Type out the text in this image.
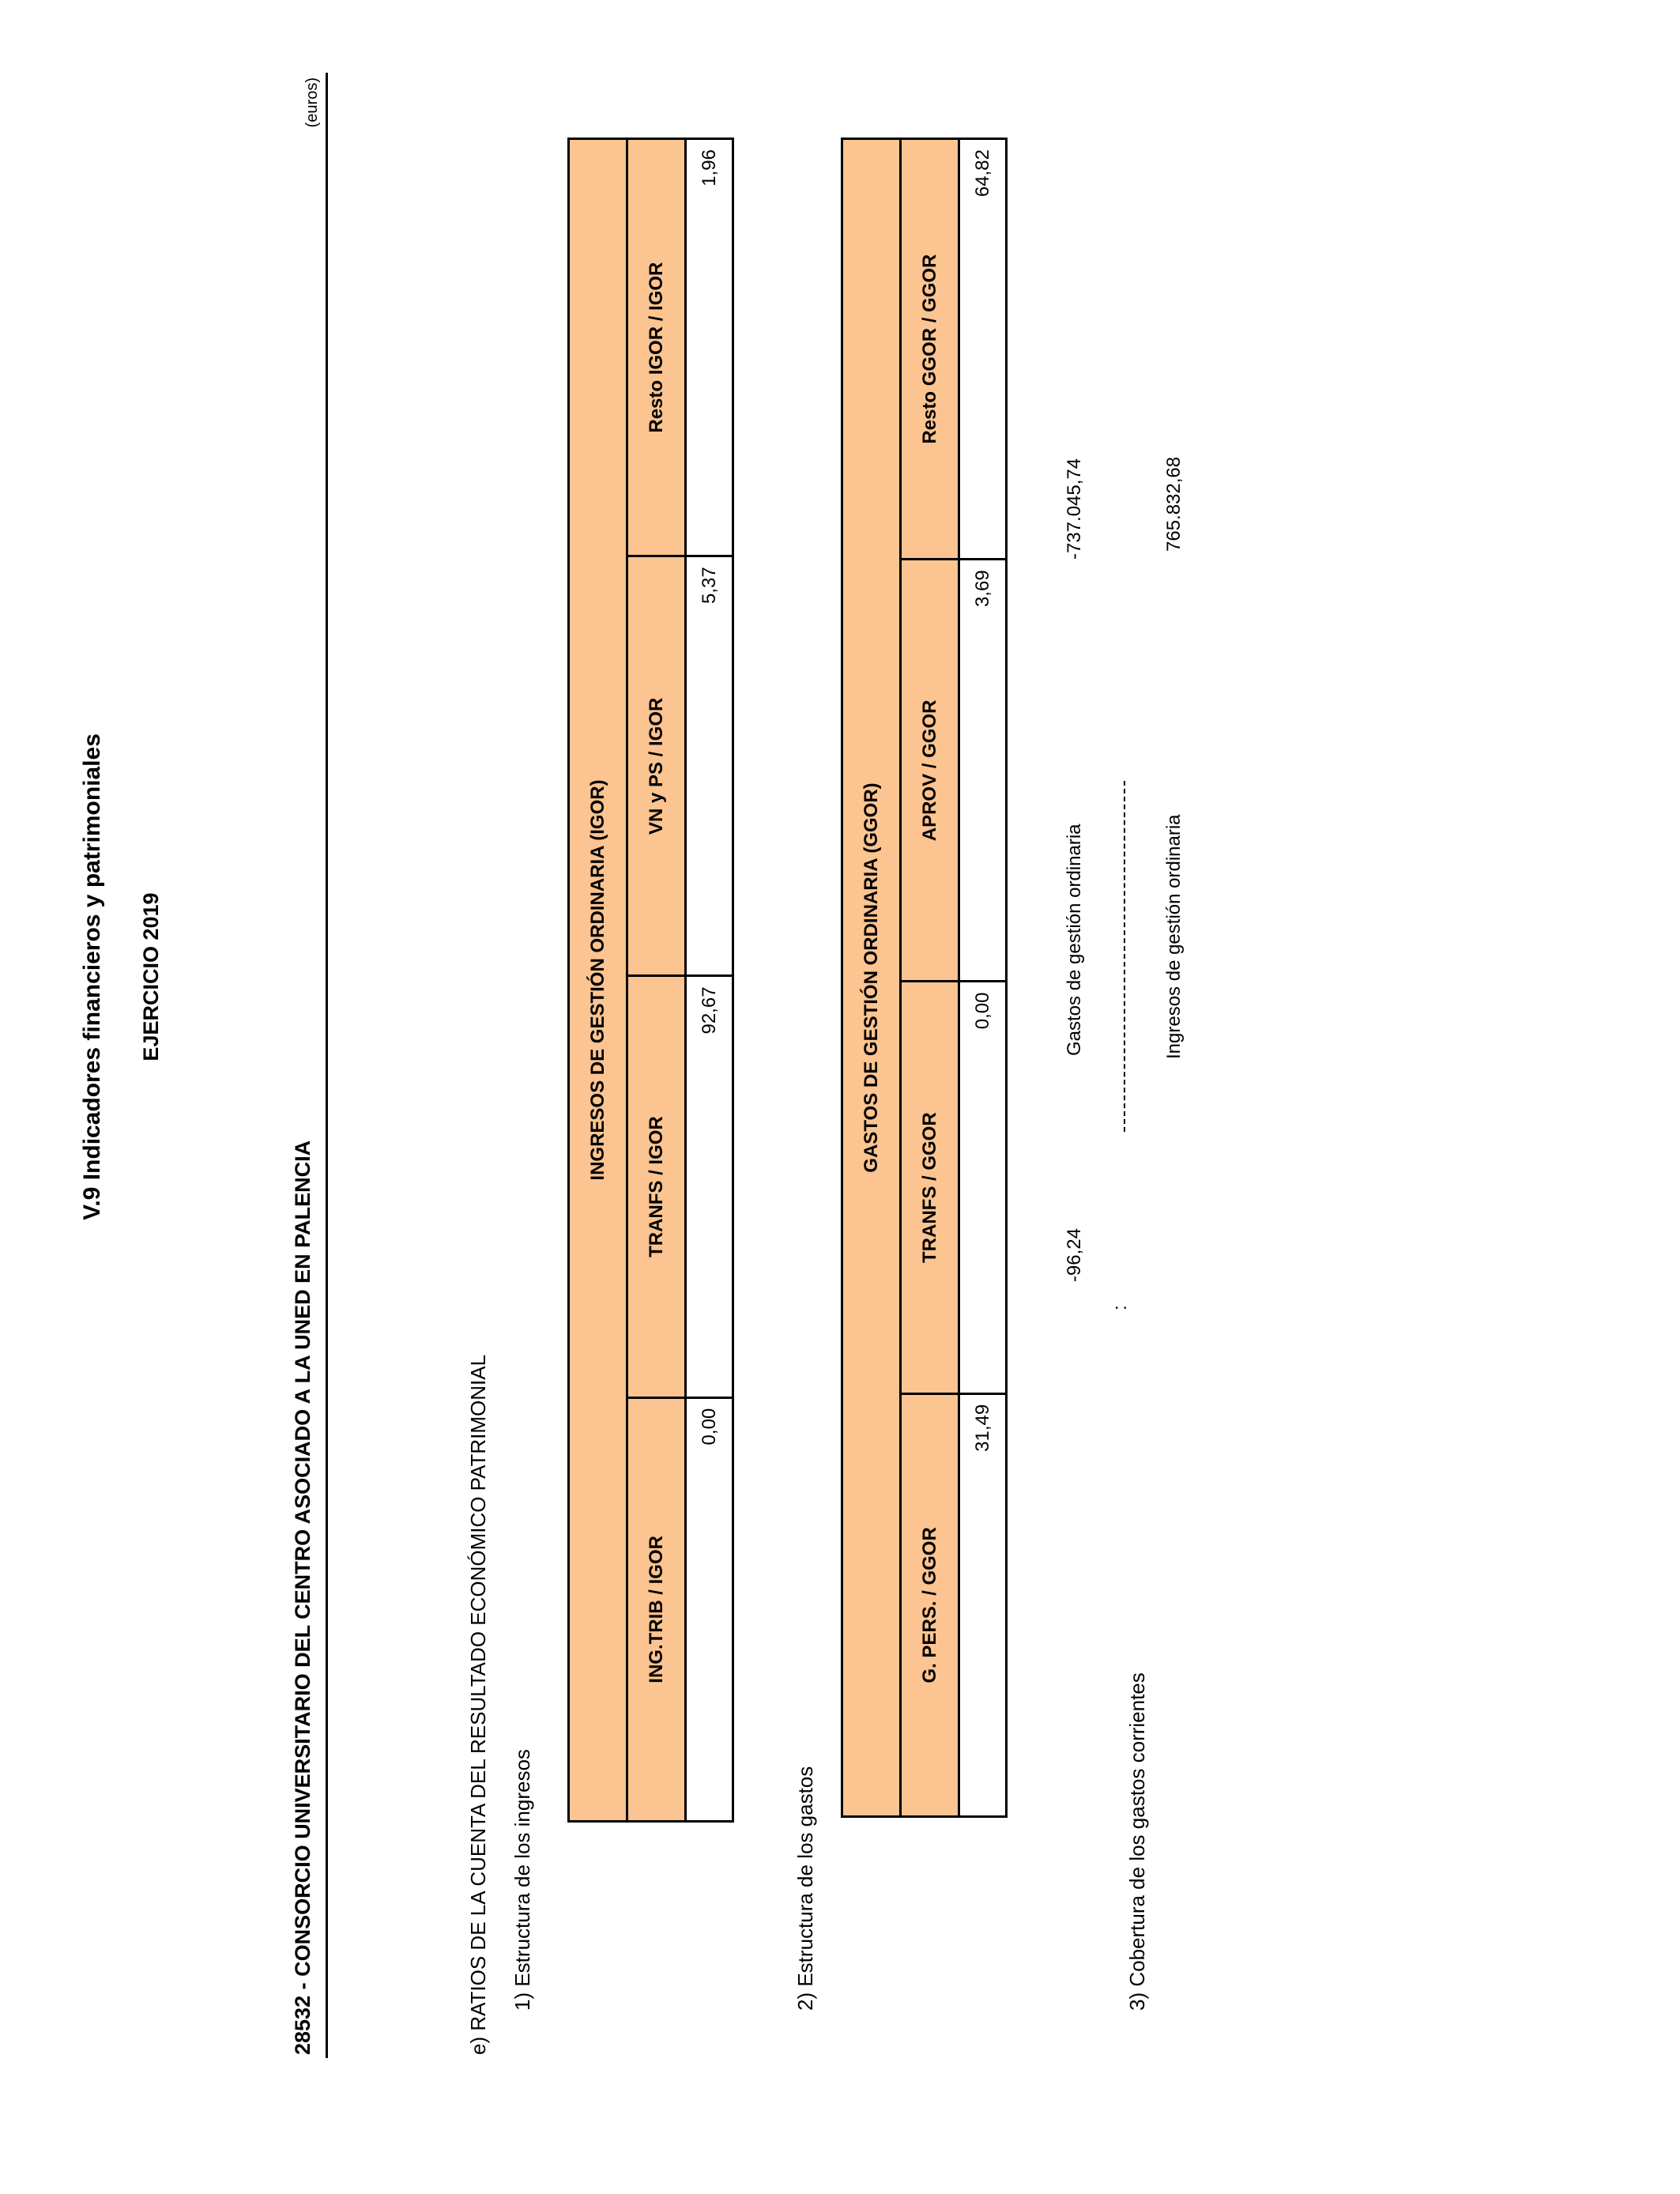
V.9 Indicadores financieros y patrimoniales EJERCICIO 2019
28532 - CONSORCIO UNIVERSITARIO DEL CENTRO ASOCIADO A LA UNED EN PALENCIA
(euros)
e) RATIOS DE LA CUENTA DEL RESULTADO ECONÓMICO PATRIMONIAL 1) Estructura de los ingresos
INGRESOS DE GESTIÓN ORDINARIA (IGOR)			
ING.TRIB / IGOR	TRANFS / IGOR	VN y PS / IGOR	Resto IGOR / IGOR
0,00	92,67	5,37	1,96
2) Estructura de los gastos
GASTOS DE GESTIÓN ORDINARIA (GGOR)			
G. PERS. / GGOR	TRANFS / GGOR	APROV / GGOR	Resto GGOR / GGOR
31,49	0,00	3,69	64,82
3) Cobertura de los gastos corrientes
-96,24
:
Gastos de gestión ordinaria
-737.045,74
Ingresos de gestión ordinaria
765.832,68
